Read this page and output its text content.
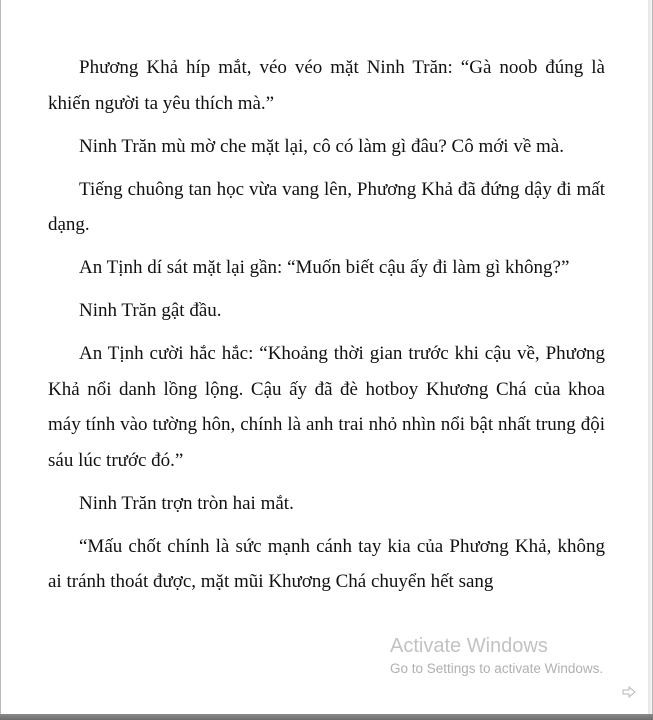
Phương Khả híp mắt, véo véo mặt Ninh Trăn: “Gà noob đúng là khiến người ta yêu thích mà.”

Ninh Trăn mù mờ che mặt lại, cô có làm gì đâu? Cô mới về mà.

Tiếng chuông tan học vừa vang lên, Phương Khả đã đứng dậy đi mất dạng.

An Tịnh dí sát mặt lại gần: “Muốn biết cậu ấy đi làm gì không?”

Ninh Trăn gật đầu.

An Tịnh cười hắc hắc: “Khoảng thời gian trước khi cậu về, Phương Khả nổi danh lồng lộng. Cậu ấy đã đè hotboy Khương Chá của khoa máy tính vào tường hôn, chính là anh trai nhỏ nhìn nổi bật nhất trung đội sáu lúc trước đó.”

Ninh Trăn trợn tròn hai mắt.

“Mấu chốt chính là sức mạnh cánh tay kia của Phương Khả, không ai tránh thoát được, mặt mũi Khương Chá chuyển hết sang

Activate Windows
Go to Settings to activate Windows.
